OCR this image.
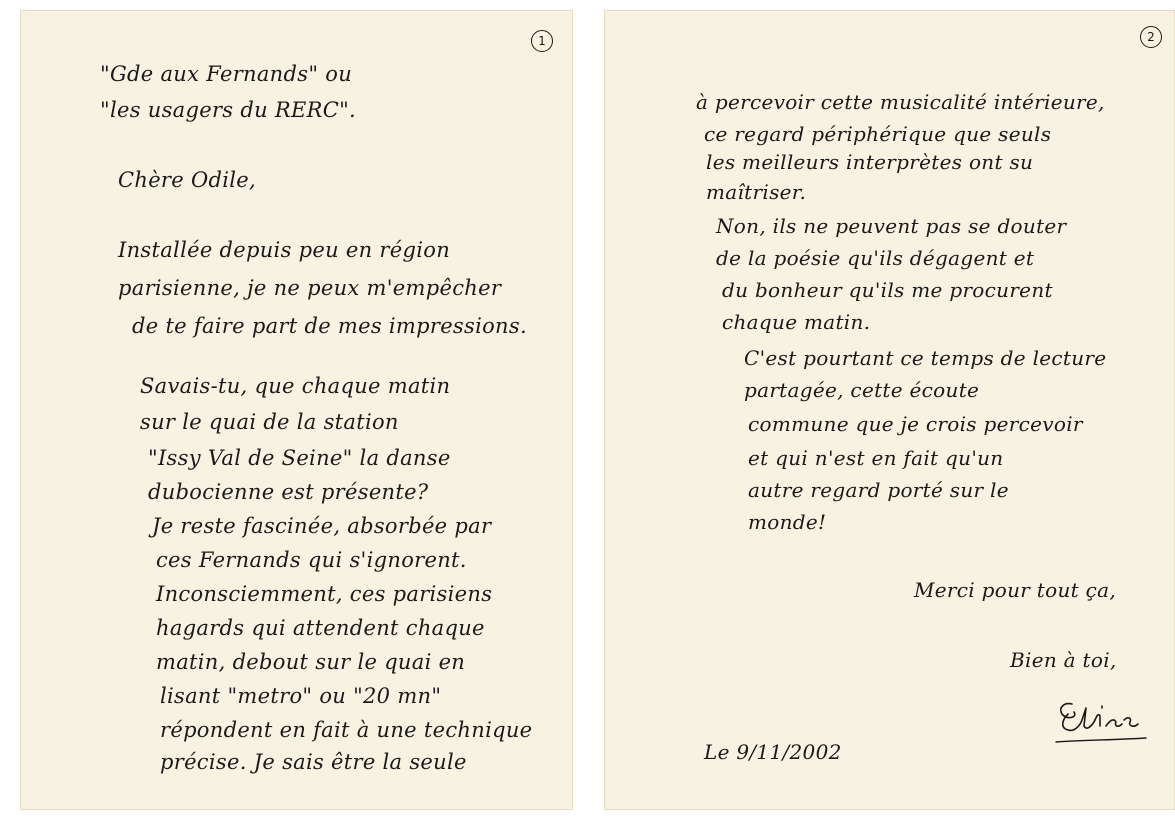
1
"Gde aux Fernands" ou
"les usagers du RERC".
Chère Odile,
Installée depuis peu en région
parisienne, je ne peux m'empêcher
de te faire part de mes impressions.
Savais-tu, que chaque matin
sur le quai de la station
"Issy Val de Seine" la danse
dubocienne est présente?
Je reste fascinée, absorbée par
ces Fernands qui s'ignorent.
Inconsciemment, ces parisiens
hagards qui attendent chaque
matin, debout sur le quai en
lisant "metro" ou "20 mn"
répondent en fait à une technique
précise. Je sais être la seule
2
à percevoir cette musicalité intérieure,
ce regard périphérique que seuls
les meilleurs interprètes ont su
maîtriser.
Non, ils ne peuvent pas se douter
de la poésie qu'ils dégagent et
du bonheur qu'ils me procurent
chaque matin.
C'est pourtant ce temps de lecture
partagée, cette écoute
commune que je crois percevoir
et qui n'est en fait qu'un
autre regard porté sur le
monde!
Merci pour tout ça,
Bien à toi,
Le 9/11/2002
